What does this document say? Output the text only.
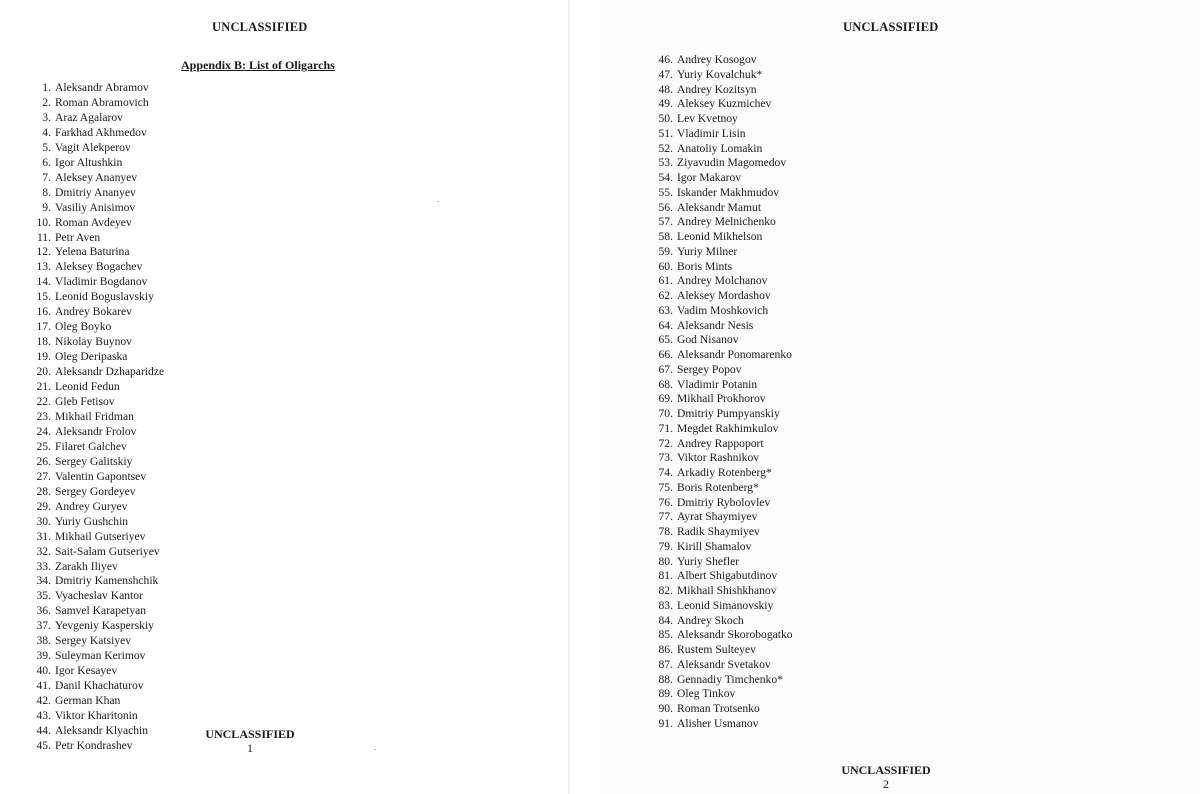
UNCLASSIFIED
Appendix B: List of Oligarchs
1. Aleksandr Abramov
2. Roman Abramovich
3. Araz Agalarov
4. Farkhad Akhmedov
5. Vagit Alekperov
6. Igor Altushkin
7. Aleksey Ananyev
8. Dmitriy Ananyev
9. Vasiliy Anisimov
10. Roman Avdeyev
11. Petr Aven
12. Yelena Baturina
13. Aleksey Bogachev
14. Vladimir Bogdanov
15. Leonid Boguslavskiy
16. Andrey Bokarev
17. Oleg Boyko
18. Nikolay Buynov
19. Oleg Deripaska
20. Aleksandr Dzhaparidze
21. Leonid Fedun
22. Gleb Fetisov
23. Mikhail Fridman
24. Aleksandr Frolov
25. Filaret Galchev
26. Sergey Galitskiy
27. Valentin Gapontsev
28. Sergey Gordeyev
29. Andrey Guryev
30. Yuriy Gushchin
31. Mikhail Gutseriyev
32. Sait-Salam Gutseriyev
33. Zarakh Iliyev
34. Dmitriy Kamenshchik
35. Vyacheslav Kantor
36. Samvel Karapetyan
37. Yevgeniy Kasperskiy
38. Sergey Katsiyev
39. Suleyman Kerimov
40. Igor Kesayev
41. Danil Khachaturov
42. German Khan
43. Viktor Kharitonin
44. Aleksandr Klyachin
45. Petr Kondrashev
UNCLASSIFIED
1
UNCLASSIFIED
46. Andrey Kosogov
47. Yuriy Kovalchuk*
48. Andrey Kozitsyn
49. Aleksey Kuzmichev
50. Lev Kvetnoy
51. Vladimir Lisin
52. Anatoliy Lomakin
53. Ziyavudin Magomedov
54. Igor Makarov
55. Iskander Makhmudov
56. Aleksandr Mamut
57. Andrey Melnichenko
58. Leonid Mikhelson
59. Yuriy Milner
60. Boris Mints
61. Andrey Molchanov
62. Aleksey Mordashov
63. Vadim Moshkovich
64. Aleksandr Nesis
65. God Nisanov
66. Aleksandr Ponomarenko
67. Sergey Popov
68. Vladimir Potanin
69. Mikhail Prokhorov
70. Dmitriy Pumpyanskiy
71. Megdet Rakhimkulov
72. Andrey Rappoport
73. Viktor Rashnikov
74. Arkadiy Rotenberg*
75. Boris Rotenberg*
76. Dmitriy Rybolovlev
77. Ayrat Shaymiyev
78. Radik Shaymiyev
79. Kirill Shamalov
80. Yuriy Shefler
81. Albert Shigabutdinov
82. Mikhail Shishkhanov
83. Leonid Simanovskiy
84. Andrey Skoch
85. Aleksandr Skorobogatko
86. Rustem Sulteyev
87. Aleksandr Svetakov
88. Gennadiy Timchenko*
89. Oleg Tinkov
90. Roman Trotsenko
91. Alisher Usmanov
UNCLASSIFIED
2
